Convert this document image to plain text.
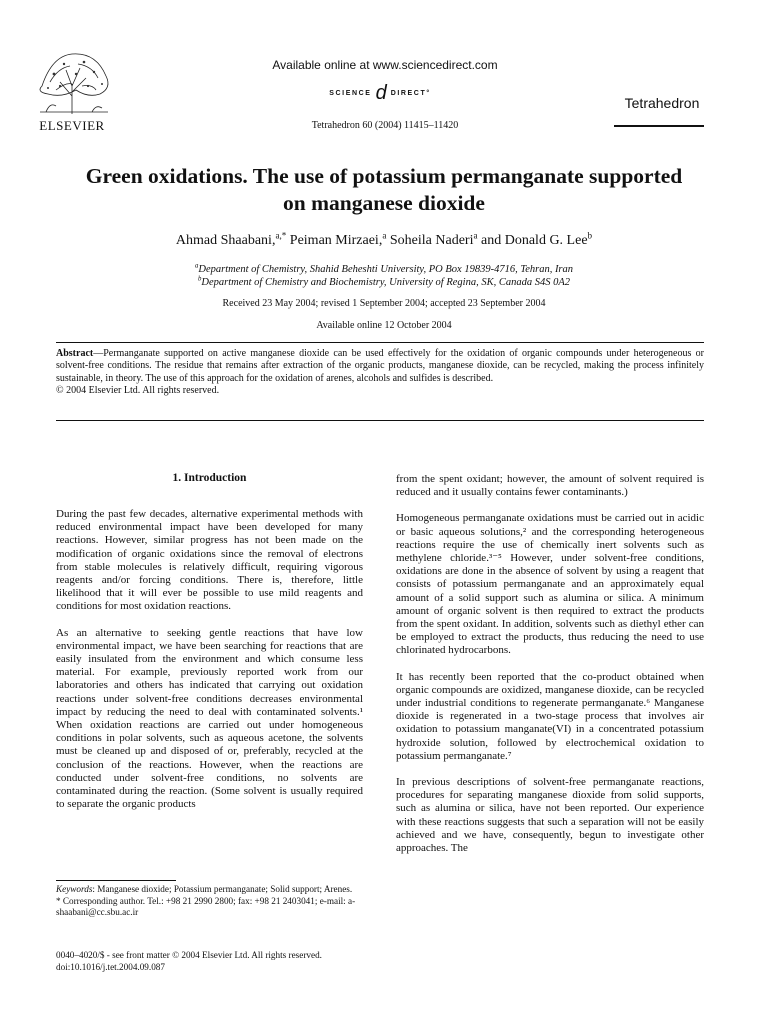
ELSEVIER
Available online at www.sciencedirect.com
SCIENCE d DIRECT°
Tetrahedron 60 (2004) 11415–11420
Tetrahedron
Green oxidations. The use of potassium permanganate supported
on manganese dioxide
Ahmad Shaabani,$^{a,*}$ Peiman Mirzaei,$^a$ Soheila Naderi$^a$ and Donald G. Lee$^b$
$^a$Department of Chemistry, Shahid Beheshti University, PO Box 19839-4716, Tehran, Iran
$^b$Department of Chemistry and Biochemistry, University of Regina, SK, Canada S4S 0A2
Received 23 May 2004; revised 1 September 2004; accepted 23 September 2004
Available online 12 October 2004
Abstract—Permanganate supported on active manganese dioxide can be used effectively for the oxidation of organic compounds under heterogeneous or solvent-free conditions. The residue that remains after extraction of the organic products, manganese dioxide, can be recycled, making the process infinitely sustainable, in theory. The use of this approach for the oxidation of arenes, alcohols and sulfides is described.
© 2004 Elsevier Ltd. All rights reserved.
1. Introduction

During the past few decades, alternative experimental methods with reduced environmental impact have been developed for many reactions. However, similar progress has not been made on the modification of organic oxidations since the removal of electrons from stable molecules is relatively difficult, requiring vigorous reagents and/or forcing conditions. There is, therefore, little likelihood that it will ever be possible to use mild reagents and conditions for most oxidation reactions.

As an alternative to seeking gentle reactions that have low environmental impact, we have been searching for reactions that are easily insulated from the environment and which consume less material. For example, previously reported work from our laboratories and others has indicated that carrying out oxidation reactions under solvent-free conditions decreases environmental impact by reducing the need to deal with contaminated solvents.¹ When oxidation reactions are carried out under homogeneous conditions in polar solvents, such as aqueous acetone, the solvents must be cleaned up and disposed of or, preferably, recycled at the conclusion of the reactions. However, when the reactions are conducted under solvent-free conditions, no solvents are contaminated during the reaction. (Some solvent is usually required to separate the organic products

from the spent oxidant; however, the amount of solvent required is reduced and it usually contains fewer contaminants.)

Homogeneous permanganate oxidations must be carried out in acidic or basic aqueous solutions,² and the corresponding heterogeneous reactions require the use of chemically inert solvents such as methylene chloride.³⁻⁵ However, under solvent-free conditions, oxidations are done in the absence of solvent by using a reagent that consists of potassium permanganate and an approximately equal amount of a solid support such as alumina or silica. A minimum amount of organic solvent is then required to extract the products from the spent oxidant. In addition, solvents such as diethyl ether can be employed to extract the products, thus reducing the need to use chlorinated hydrocarbons.

It has recently been reported that the co-product obtained when organic compounds are oxidized, manganese dioxide, can be recycled under industrial conditions to regenerate permanganate.⁶ Manganese dioxide is regenerated in a two-stage process that involves air oxidation to potassium manganate(VI) in a concentrated potassium hydroxide solution, followed by electrochemical oxidation to potassium permanganate.⁷

In previous descriptions of solvent-free permanganate reactions, procedures for separating manganese dioxide from solid supports, such as alumina or silica, have not been reported. Our experience with these reactions suggests that such a separation will not be easily achieved and we have, consequently, begun to investigate other approaches. The

Keywords: Manganese dioxide; Potassium permanganate; Solid support; Arenes.
* Corresponding author. Tel.: +98 21 2990 2800; fax: +98 21 2403041; e-mail: a-shaabani@cc.sbu.ac.ir
0040–4020/$ - see front matter © 2004 Elsevier Ltd. All rights reserved.
doi:10.1016/j.tet.2004.09.087
